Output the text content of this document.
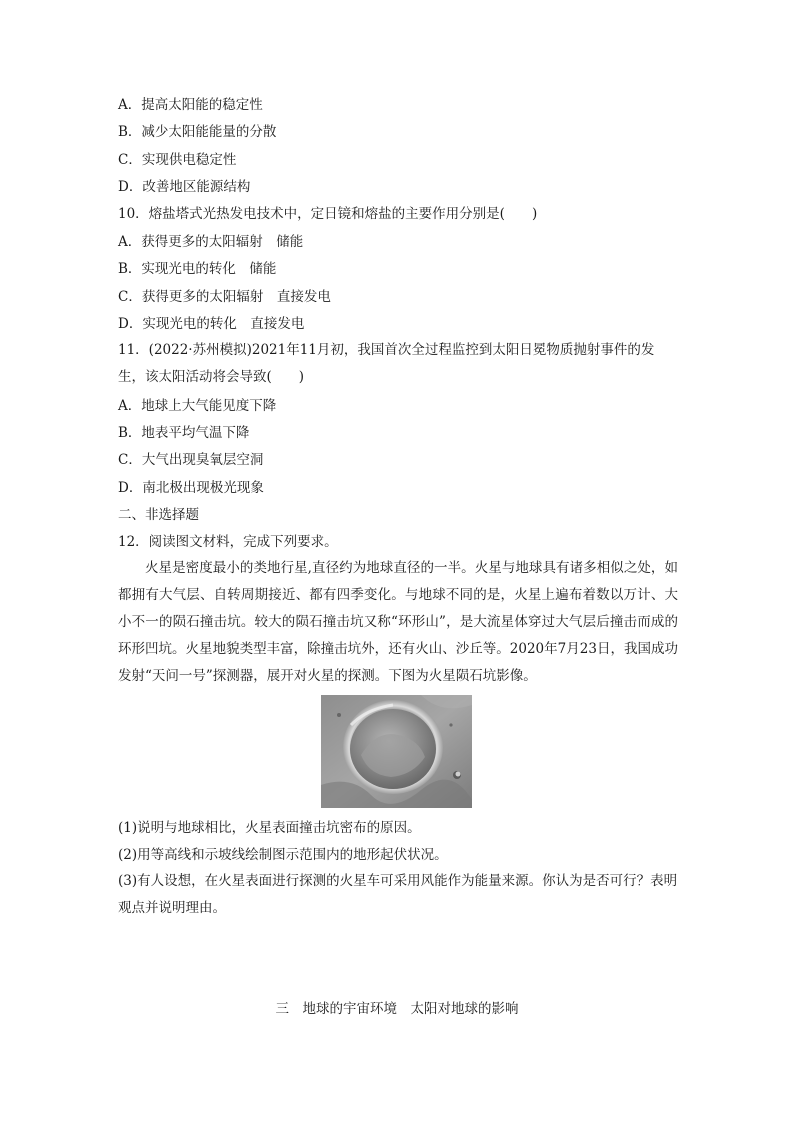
A．提高太阳能的稳定性
B．减少太阳能能量的分散
C．实现供电稳定性
D．改善地区能源结构
10．熔盐塔式光热发电技术中，定日镜和熔盐的主要作用分别是(　　)
A．获得更多的太阳辐射　储能
B．实现光电的转化　储能
C．获得更多的太阳辐射　直接发电
D．实现光电的转化　直接发电
11．(2022·苏州模拟)2021年11月初，我国首次全过程监控到太阳日冕物质抛射事件的发生，该太阳活动将会导致(　　)
A．地球上大气能见度下降
B．地表平均气温下降
C．大气出现臭氧层空洞
D．南北极出现极光现象
二、非选择题
12．阅读图文材料，完成下列要求。
火星是密度最小的类地行星,直径约为地球直径的一半。火星与地球具有诸多相似之处，如都拥有大气层、自转周期接近、都有四季变化。与地球不同的是，火星上遍布着数以万计、大小不一的陨石撞击坑。较大的陨石撞击坑又称“环形山”，是大流星体穿过大气层后撞击而成的环形凹坑。火星地貌类型丰富，除撞击坑外，还有火山、沙丘等。2020年7月23日，我国成功发射“天问一号”探测器，展开对火星的探测。下图为火星陨石坑影像。
(1)说明与地球相比，火星表面撞击坑密布的原因。
(2)用等高线和示坡线绘制图示范围内的地形起伏状况。
(3)有人设想，在火星表面进行探测的火星车可采用风能作为能量来源。你认为是否可行？表明观点并说明理由。
三　地球的宇宙环境　太阳对地球的影响
